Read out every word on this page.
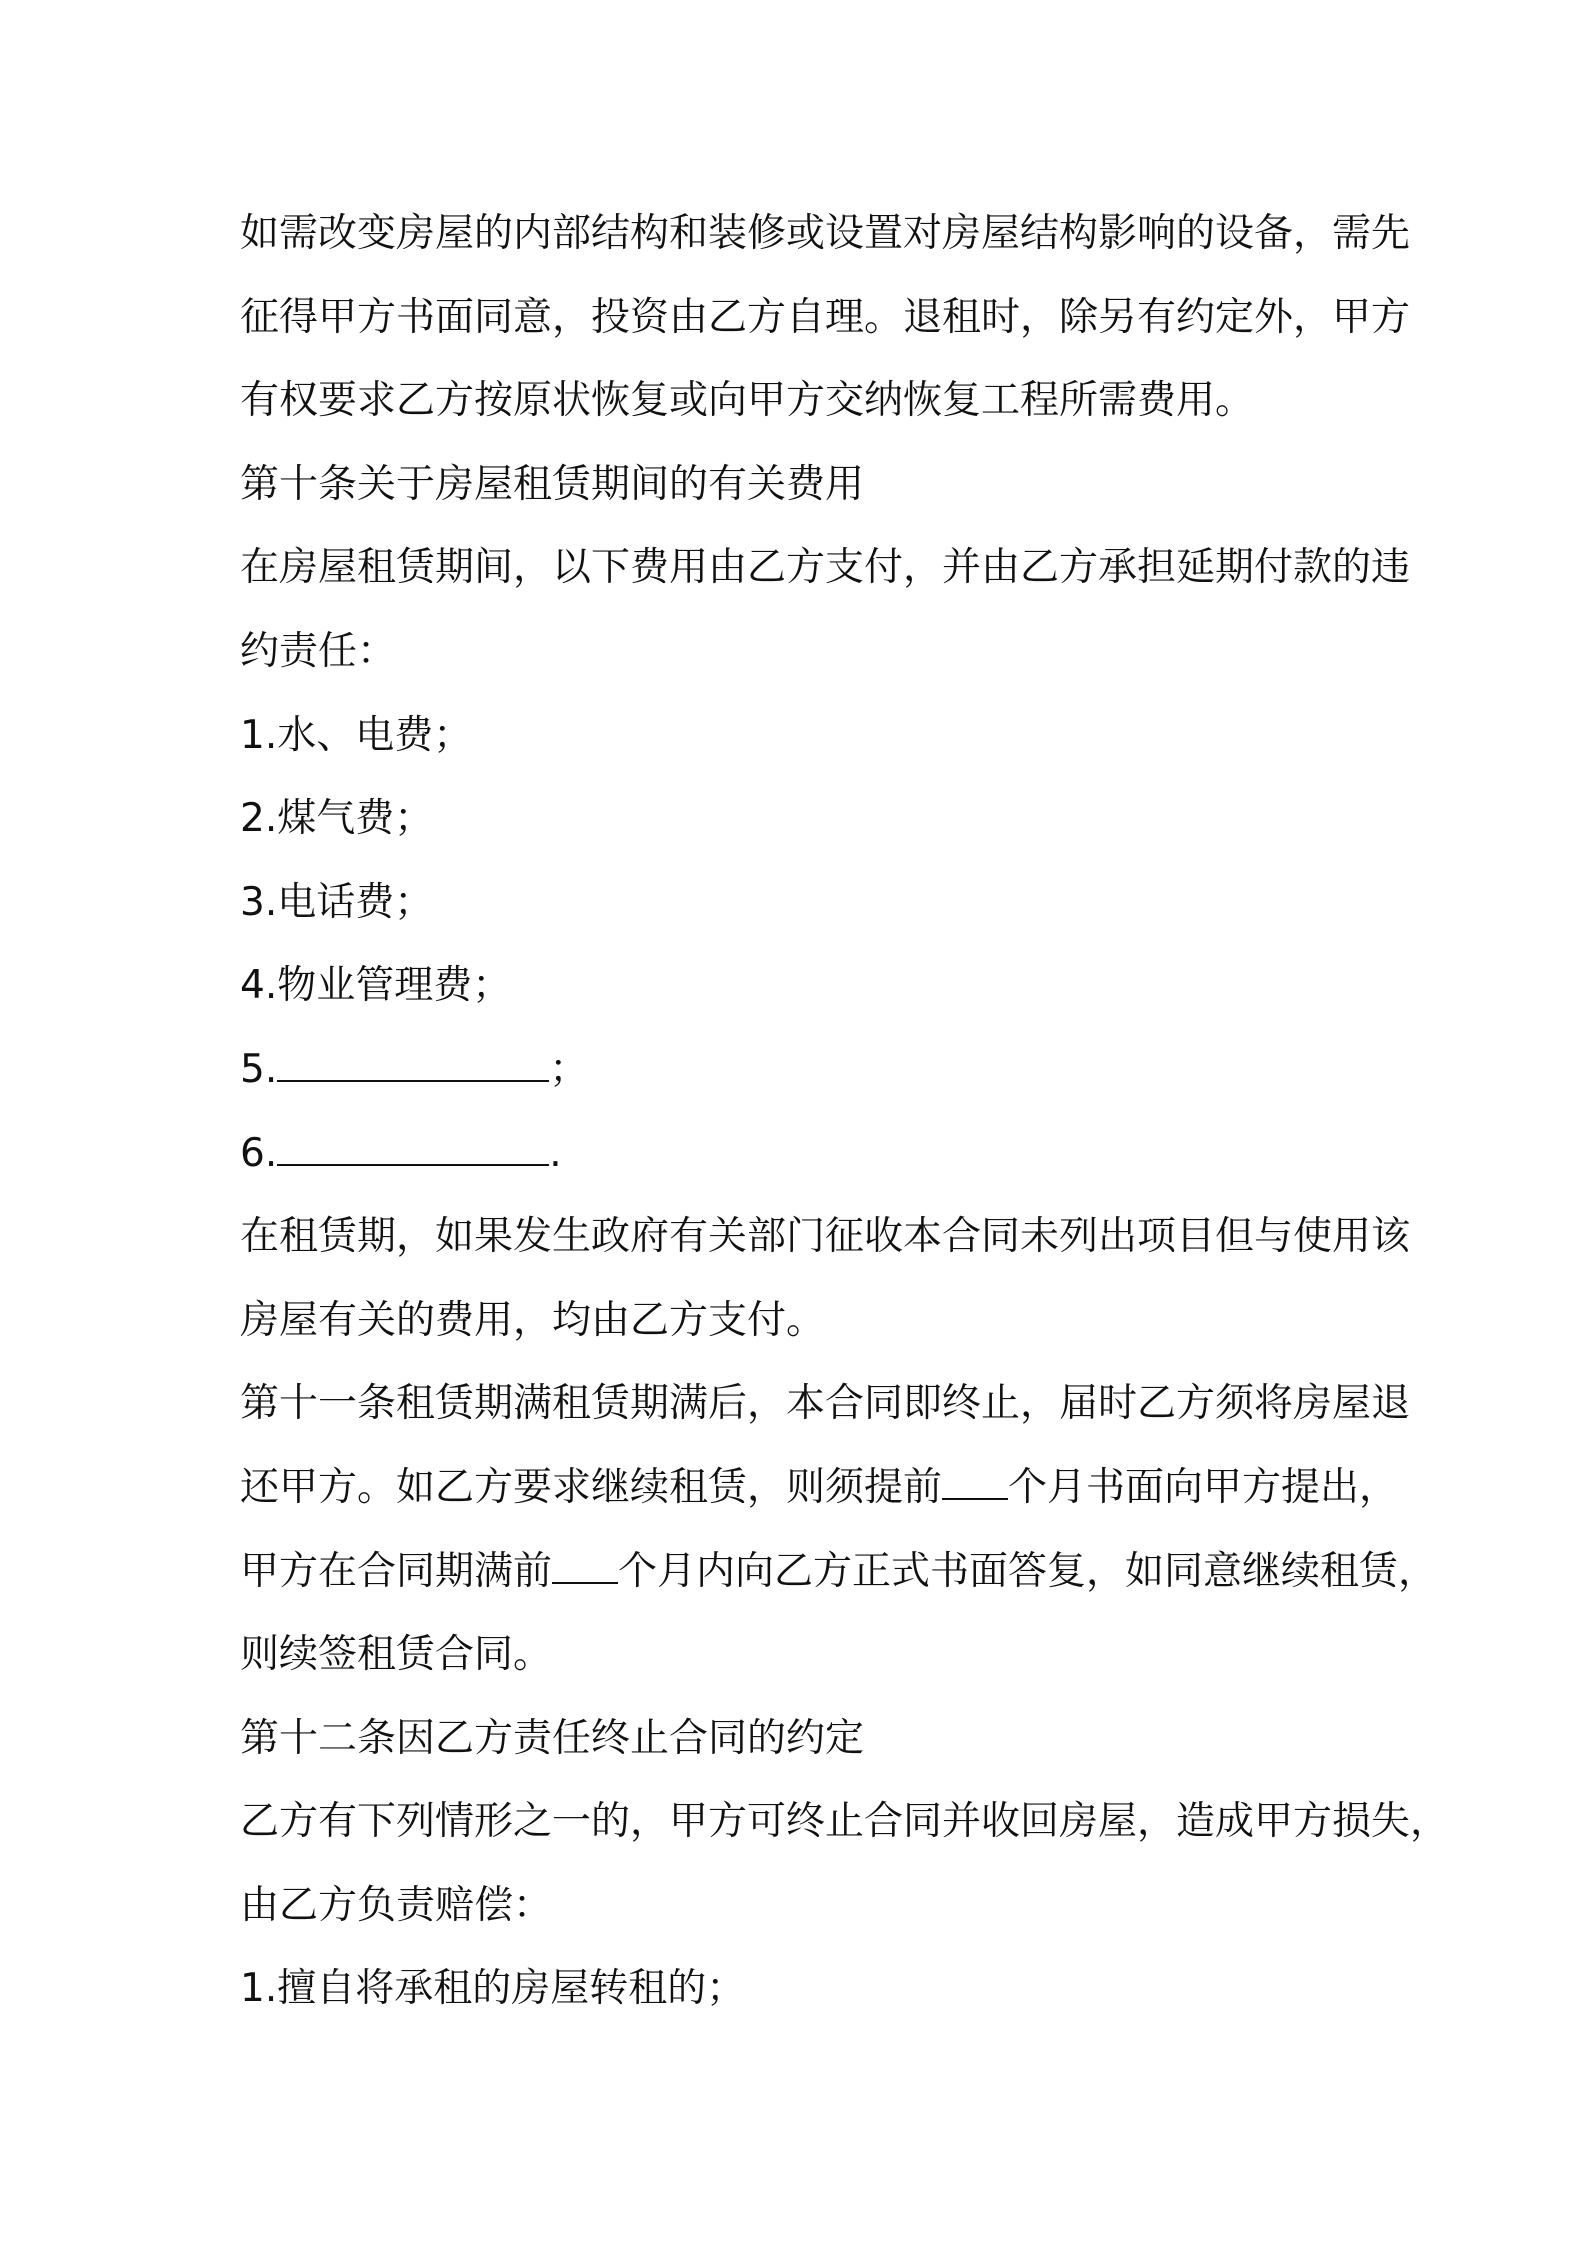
如需改变房屋的内部结构和装修或设置对房屋结构影响的设备，需先
征得甲方书面同意，投资由乙方自理。退租时，除另有约定外，甲方
有权要求乙方按原状恢复或向甲方交纳恢复工程所需费用。
第十条关于房屋租赁期间的有关费用
在房屋租赁期间，以下费用由乙方支付，并由乙方承担延期付款的违
约责任：
1.水、电费；
2.煤气费；
3.电话费；
4.物业管理费；
5.	；
6.	.
在租赁期，如果发生政府有关部门征收本合同未列出项目但与使用该
房屋有关的费用，均由乙方支付。
第十一条租赁期满租赁期满后，本合同即终止，届时乙方须将房屋退
还甲方。如乙方要求继续租赁，则须提前 个月书面向甲方提出，
甲方在合同期满前 个月内向乙方正式书面答复，如同意继续租赁，
则续签租赁合同。
第十二条因乙方责任终止合同的约定
乙方有下列情形之一的，甲方可终止合同并收回房屋，造成甲方损失，
由乙方负责赔偿：
1.擅自将承租的房屋转租的；
